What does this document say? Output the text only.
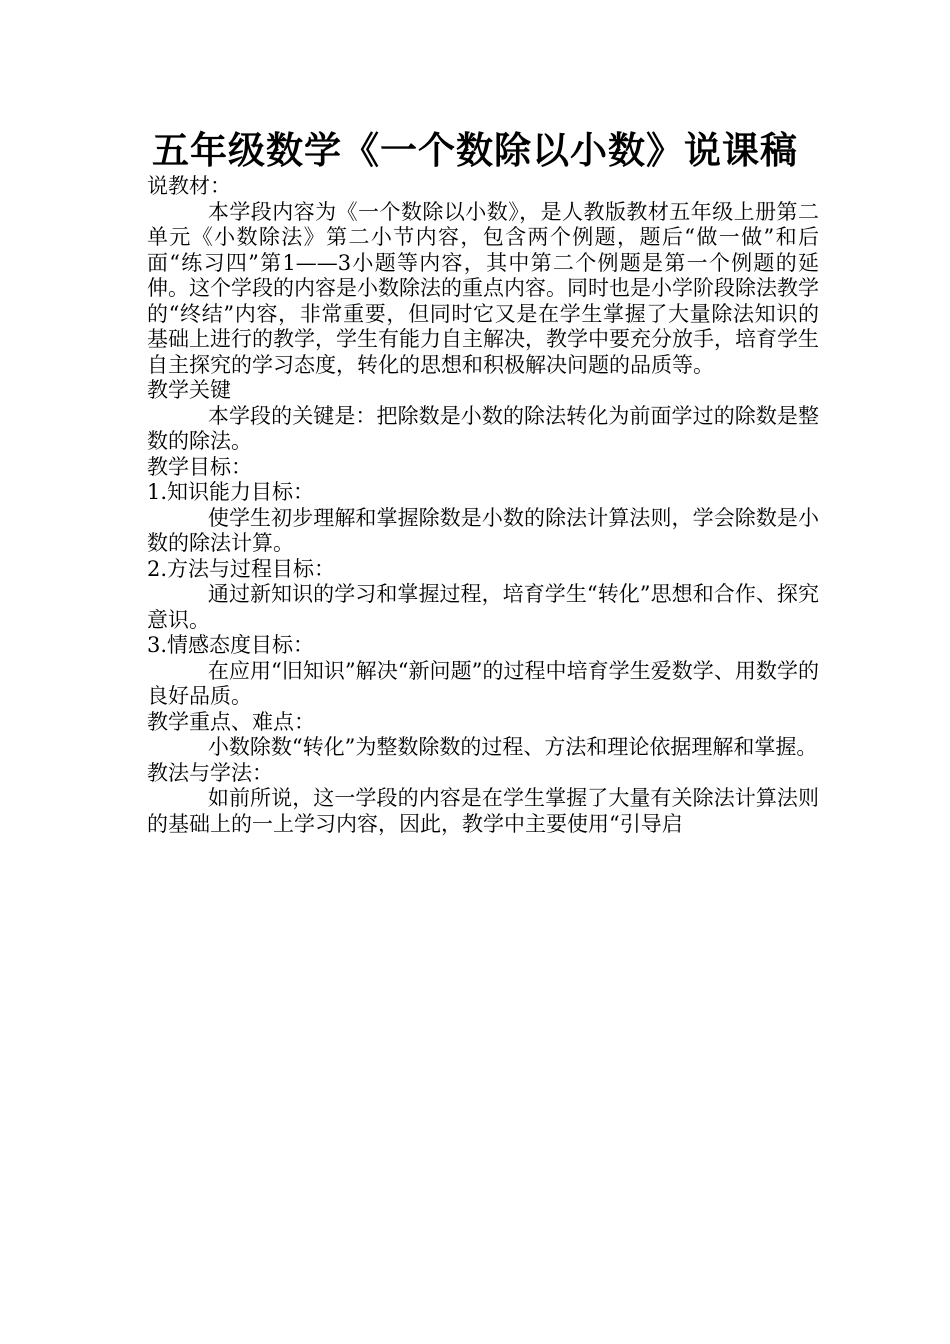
五年级数学《一个数除以小数》说课稿

说教材：

本学段内容为《一个数除以小数》，是人教版教材五年级上册第二单元《小数除法》第二小节内容，包含两个例题，题后“做一做”和后面“练习四”第1——3小题等内容，其中第二个例题是第一个例题的延伸。这个学段的内容是小数除法的重点内容。同时也是小学阶段除法教学的“终结”内容，非常重要，但同时它又是在学生掌握了大量除法知识的基础上进行的教学，学生有能力自主解决，教学中要充分放手，培育学生自主探究的学习态度，转化的思想和积极解决问题的品质等。

教学关键

本学段的关键是：把除数是小数的除法转化为前面学过的除数是整数的除法。

教学目标：

1.知识能力目标：

使学生初步理解和掌握除数是小数的除法计算法则，学会除数是小数的除法计算。

2.方法与过程目标：

通过新知识的学习和掌握过程，培育学生“转化”思想和合作、探究意识。

3.情感态度目标：

在应用“旧知识”解决“新问题”的过程中培育学生爱数学、用数学的良好品质。

教学重点、难点：

小数除数“转化”为整数除数的过程、方法和理论依据理解和掌握。

教法与学法：

如前所说，这一学段的内容是在学生掌握了大量有关除法计算法则的基础上的一上学习内容，因此，教学中主要使用“引导启
